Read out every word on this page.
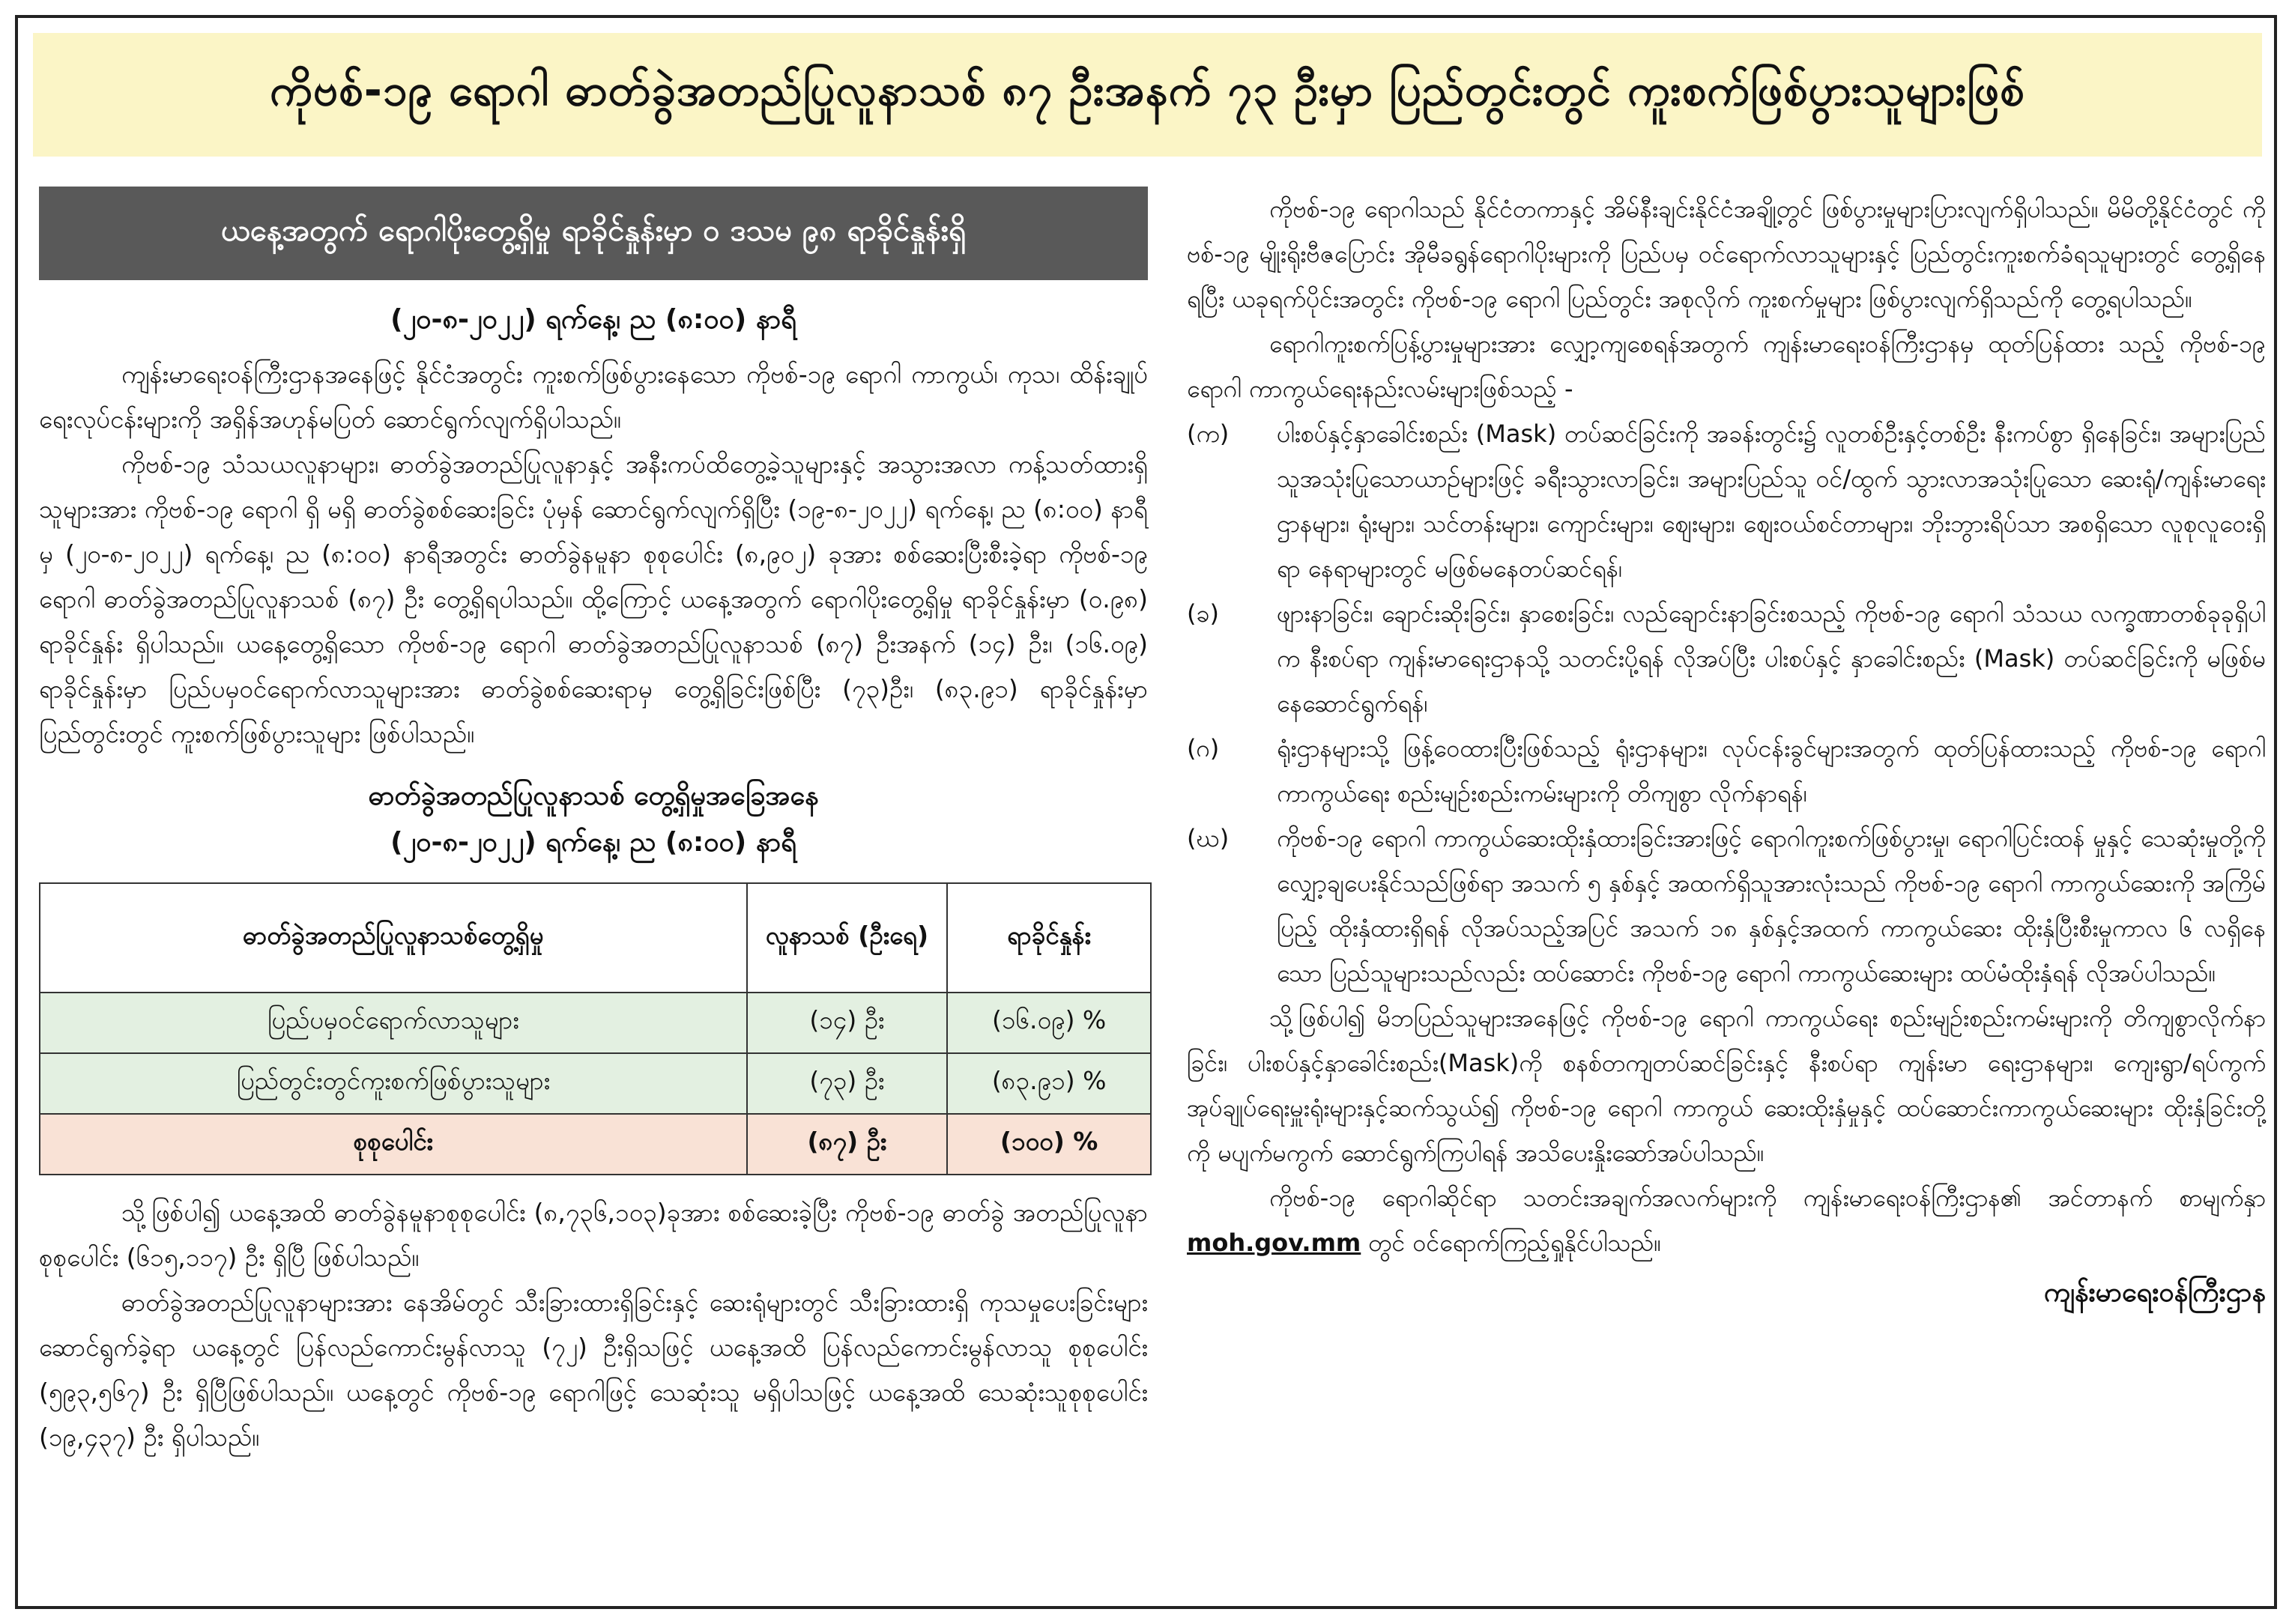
ကိုဗစ်-၁၉ ရောဂါ ဓာတ်ခွဲအတည်ပြုလူနာသစ် ၈၇ ဦးအနက် ၇၃ ဦးမှာ ပြည်တွင်းတွင် ကူးစက်ဖြစ်ပွားသူများဖြစ်
ယနေ့အတွက် ရောဂါပိုးတွေ့ရှိမှု ရာခိုင်နှုန်းမှာ ၀ ဒသမ ၉၈ ရာခိုင်နှုန်းရှိ
(၂၀-၈-၂၀၂၂) ရက်နေ့၊ ည (၈:၀၀) နာရီ

ကျန်းမာရေးဝန်ကြီးဌာနအနေဖြင့် နိုင်ငံအတွင်း ကူးစက်ဖြစ်ပွားနေသော ကိုဗစ်-၁၉ ရောဂါ ကာကွယ်၊ ကုသ၊ ထိန်းချုပ်ရေးလုပ်ငန်းများကို အရှိန်အဟုန်မပြတ် ဆောင်ရွက်လျက်ရှိပါသည်။

ကိုဗစ်-၁၉ သံသယလူနာများ၊ ဓာတ်ခွဲအတည်ပြုလူနာနှင့် အနီးကပ်ထိတွေ့ခဲ့သူများနှင့် အသွားအလာ ကန့်သတ်ထားရှိသူများအား ကိုဗစ်-၁၉ ရောဂါ ရှိ မရှိ ဓာတ်ခွဲစစ်ဆေးခြင်း ပုံမှန် ဆောင်ရွက်လျက်ရှိပြီး (၁၉-၈-၂၀၂၂) ရက်နေ့၊ ည (၈:၀၀) နာရီမှ (၂၀-၈-၂၀၂၂) ရက်နေ့၊ ည (၈:၀၀) နာရီအတွင်း ဓာတ်ခွဲနမူနာ စုစုပေါင်း (၈,၉၀၂) ခုအား စစ်ဆေးပြီးစီးခဲ့ရာ ကိုဗစ်-၁၉ ရောဂါ ဓာတ်ခွဲအတည်ပြုလူနာသစ် (၈၇) ဦး တွေ့ရှိရပါသည်။ ထို့ကြောင့် ယနေ့အတွက် ရောဂါပိုးတွေ့ရှိမှု ရာခိုင်နှုန်းမှာ (၀.၉၈) ရာခိုင်နှုန်း ရှိပါသည်။ ယနေ့တွေ့ရှိသော ကိုဗစ်-၁၉ ရောဂါ ဓာတ်ခွဲအတည်ပြုလူနာသစ် (၈၇) ဦးအနက် (၁၄) ဦး၊ (၁၆.၀၉) ရာခိုင်နှုန်းမှာ ပြည်ပမှဝင်ရောက်လာသူများအား ဓာတ်ခွဲစစ်ဆေးရာမှ တွေ့ရှိခြင်းဖြစ်ပြီး (၇၃)ဦး၊ (၈၃.၉၁) ရာခိုင်နှုန်းမှာ ပြည်တွင်းတွင် ကူးစက်ဖြစ်ပွားသူများ ဖြစ်ပါသည်။

ဓာတ်ခွဲအတည်ပြုလူနာသစ် တွေ့ရှိမှုအခြေအနေ
(၂၀-၈-၂၀၂၂) ရက်နေ့၊ ည (၈:၀၀) နာရီ
ဓာတ်ခွဲအတည်ပြုလူနာသစ်တွေ့ရှိမှု	လူနာသစ် (ဦးရေ)	ရာခိုင်နှုန်း
ပြည်ပမှဝင်ရောက်လာသူများ	(၁၄) ဦး	(၁၆.၀၉) %
ပြည်တွင်းတွင်ကူးစက်ဖြစ်ပွားသူများ	(၇၃) ဦး	(၈၃.၉၁) %
စုစုပေါင်း	(၈၇) ဦး	(၁၀၀) %

သို့ဖြစ်ပါ၍ ယနေ့အထိ ဓာတ်ခွဲနမူနာစုစုပေါင်း (၈,၇၃၆,၁၀၃)ခုအား စစ်ဆေးခဲ့ပြီး ကိုဗစ်-၁၉ ဓာတ်ခွဲ အတည်ပြုလူနာ စုစုပေါင်း (၆၁၅,၁၁၇) ဦး ရှိပြီ ဖြစ်ပါသည်။

ဓာတ်ခွဲအတည်ပြုလူနာများအား နေအိမ်တွင် သီးခြားထားရှိခြင်းနှင့် ဆေးရုံများတွင် သီးခြားထားရှိ ကုသမှုပေးခြင်းများ ဆောင်ရွက်ခဲ့ရာ ယနေ့တွင် ပြန်လည်ကောင်းမွန်လာသူ (၇၂) ဦးရှိသဖြင့် ယနေ့အထိ ပြန်လည်ကောင်းမွန်လာသူ စုစုပေါင်း (၅၉၃,၅၆၇) ဦး ရှိပြီဖြစ်ပါသည်။ ယနေ့တွင် ကိုဗစ်-၁၉ ရောဂါဖြင့် သေဆုံးသူ မရှိပါသဖြင့် ယနေ့အထိ သေဆုံးသူစုစုပေါင်း (၁၉,၄၃၇) ဦး ရှိပါသည်။

ကိုဗစ်-၁၉ ရောဂါသည် နိုင်ငံတကာနှင့် အိမ်နီးချင်းနိုင်ငံအချို့တွင် ဖြစ်ပွားမှုများပြားလျက်ရှိပါသည်။ မိမိတို့နိုင်ငံတွင် ကိုဗစ်-၁၉ မျိုးရိုးဗီဇပြောင်း အိုမီခရွန်ရောဂါပိုးများကို ပြည်ပမှ ဝင်ရောက်လာသူများနှင့် ပြည်တွင်းကူးစက်ခံရသူများတွင် တွေ့ရှိနေရပြီး ယခုရက်ပိုင်းအတွင်း ကိုဗစ်-၁၉ ရောဂါ ပြည်တွင်း အစုလိုက် ကူးစက်မှုများ ဖြစ်ပွားလျက်ရှိသည်ကို တွေ့ရပါသည်။

ရောဂါကူးစက်ပြန့်ပွားမှုများအား လျှော့ကျစေရန်အတွက် ကျန်းမာရေးဝန်ကြီးဌာနမှ ထုတ်ပြန်ထား သည့် ကိုဗစ်-၁၉ ရောဂါ ကာကွယ်ရေးနည်းလမ်းများဖြစ်သည့် -

(က)	ပါးစပ်နှင့်နှာခေါင်းစည်း (Mask) တပ်ဆင်ခြင်းကို အခန်းတွင်း၌ လူတစ်ဦးနှင့်တစ်ဦး နီးကပ်စွာ ရှိနေခြင်း၊ အများပြည်သူအသုံးပြုသောယာဉ်များဖြင့် ခရီးသွားလာခြင်း၊ အများပြည်သူ ဝင်/ထွက် သွားလာအသုံးပြုသော ဆေးရုံ/ကျန်းမာရေးဌာနများ၊ ရုံးများ၊ သင်တန်းများ၊ ကျောင်းများ၊ ဈေးများ၊ ဈေးဝယ်စင်တာများ၊ ဘိုးဘွားရိပ်သာ အစရှိသော လူစုလူဝေးရှိရာ နေရာများတွင် မဖြစ်မနေတပ်ဆင်ရန်၊
(ခ)	ဖျားနာခြင်း၊ ချောင်းဆိုးခြင်း၊ နှာစေးခြင်း၊ လည်ချောင်းနာခြင်းစသည့် ကိုဗစ်-၁၉ ရောဂါ သံသယ လက္ခဏာတစ်ခုခုရှိပါက နီးစပ်ရာ ကျန်းမာရေးဌာနသို့ သတင်းပို့ရန် လိုအပ်ပြီး ပါးစပ်နှင့် နှာခေါင်းစည်း (Mask) တပ်ဆင်ခြင်းကို မဖြစ်မနေဆောင်ရွက်ရန်၊
(ဂ)	ရုံးဌာနများသို့ ဖြန့်ဝေထားပြီးဖြစ်သည့် ရုံးဌာနများ၊ လုပ်ငန်းခွင်များအတွက် ထုတ်ပြန်ထားသည့် ကိုဗစ်-၁၉ ရောဂါကာကွယ်ရေး စည်းမျဉ်းစည်းကမ်းများကို တိကျစွာ လိုက်နာရန်၊
(ဃ)	ကိုဗစ်-၁၉ ရောဂါ ကာကွယ်ဆေးထိုးနှံထားခြင်းအားဖြင့် ရောဂါကူးစက်ဖြစ်ပွားမှု၊ ရောဂါပြင်းထန် မှုနှင့် သေဆုံးမှုတို့ကို လျှော့ချပေးနိုင်သည်ဖြစ်ရာ အသက် ၅ နှစ်နှင့် အထက်ရှိသူအားလုံးသည် ကိုဗစ်-၁၉ ရောဂါ ကာကွယ်ဆေးကို အကြိမ်ပြည့် ထိုးနှံထားရှိရန် လိုအပ်သည့်အပြင် အသက် ၁၈ နှစ်နှင့်အထက် ကာကွယ်ဆေး ထိုးနှံပြီးစီးမှုကာလ ၆ လရှိနေသော ပြည်သူများသည်လည်း ထပ်ဆောင်း ကိုဗစ်-၁၉ ရောဂါ ကာကွယ်ဆေးများ ထပ်မံထိုးနှံရန် လိုအပ်ပါသည်။

သို့ဖြစ်ပါ၍ မိဘပြည်သူများအနေဖြင့် ကိုဗစ်-၁၉ ရောဂါ ကာကွယ်ရေး စည်းမျဉ်းစည်းကမ်းများကို တိကျစွာလိုက်နာခြင်း၊ ပါးစပ်နှင့်နှာခေါင်းစည်း(Mask)ကို စနစ်တကျတပ်ဆင်ခြင်းနှင့် နီးစပ်ရာ ကျန်းမာ ရေးဌာနများ၊ ကျေးရွာ/ရပ်ကွက် အုပ်ချုပ်ရေးမှူးရုံးများနှင့်ဆက်သွယ်၍ ကိုဗစ်-၁၉ ရောဂါ ကာကွယ် ဆေးထိုးနှံမှုနှင့် ထပ်ဆောင်းကာကွယ်ဆေးများ ထိုးနှံခြင်းတို့ကို မပျက်မကွက် ဆောင်ရွက်ကြပါရန် အသိပေးနှိုးဆော်အပ်ပါသည်။

ကိုဗစ်-၁၉ ရောဂါဆိုင်ရာ သတင်းအချက်အလက်များကို ကျန်းမာရေးဝန်ကြီးဌာန၏ အင်တာနက် စာမျက်နှာ moh.gov.mm တွင် ဝင်ရောက်ကြည့်ရှုနိုင်ပါသည်။

ကျန်းမာရေးဝန်ကြီးဌာန
